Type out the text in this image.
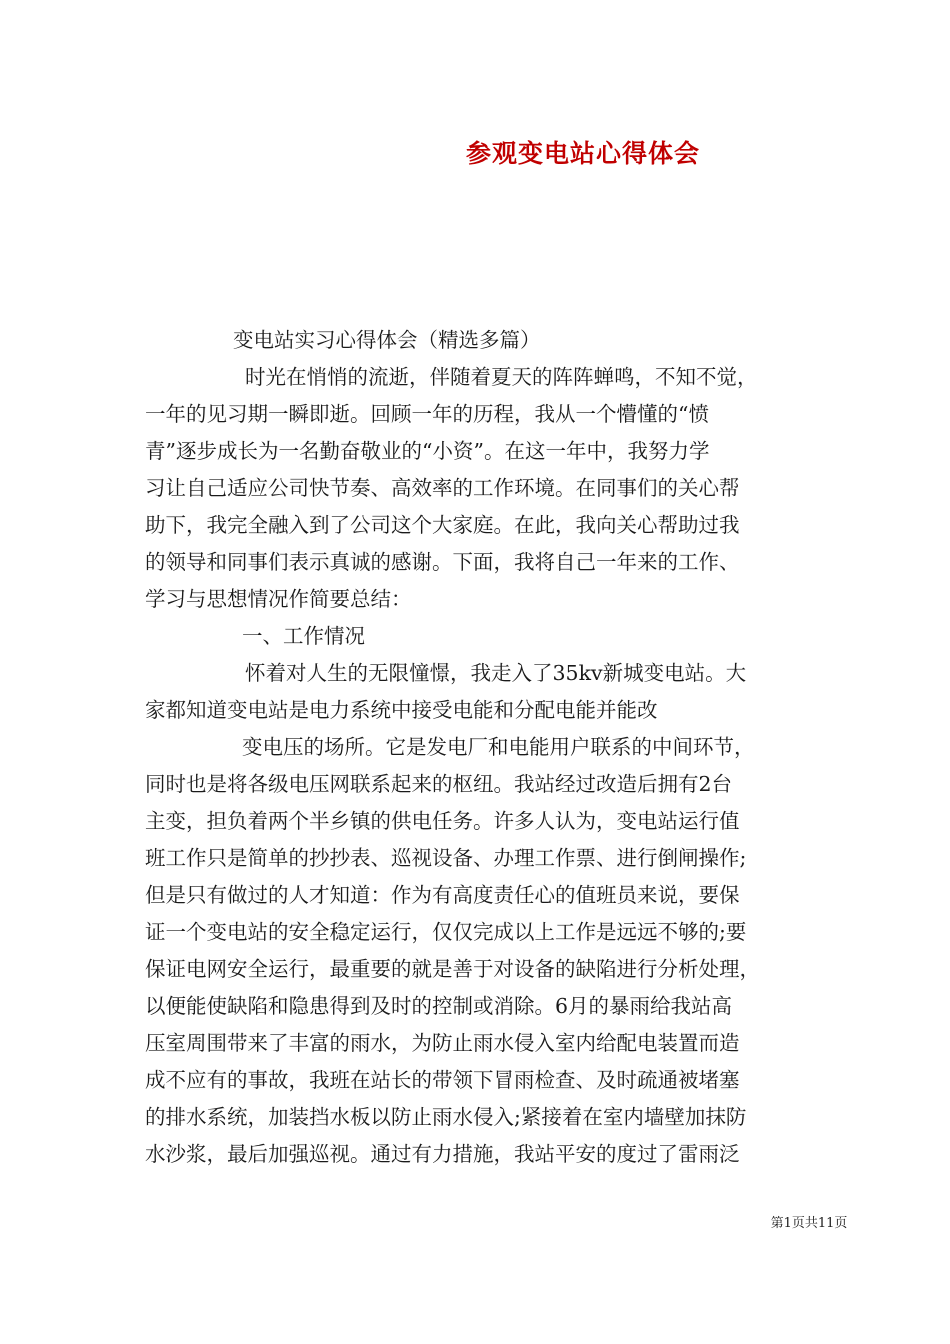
参观变电站心得体会
变电站实习心得体会（精选多篇）
时光在悄悄的流逝，伴随着夏天的阵阵蝉鸣，不知不觉，
一年的见习期一瞬即逝。回顾一年的历程，我从一个懵懂的“愤
青”逐步成长为一名勤奋敬业的“小资”。在这一年中，我努力学
习让自己适应公司快节奏、高效率的工作环境。在同事们的关心帮
助下，我完全融入到了公司这个大家庭。在此，我向关心帮助过我
的领导和同事们表示真诚的感谢。下面，我将自己一年来的工作、
学习与思想情况作简要总结：
一、工作情况
怀着对人生的无限憧憬，我走入了35kv新城变电站。大
家都知道变电站是电力系统中接受电能和分配电能并能改
变电压的场所。它是发电厂和电能用户联系的中间环节，
同时也是将各级电压网联系起来的枢纽。我站经过改造后拥有2台
主变，担负着两个半乡镇的供电任务。许多人认为，变电站运行值
班工作只是简单的抄抄表、巡视设备、办理工作票、进行倒闸操作;
但是只有做过的人才知道：作为有高度责任心的值班员来说，要保
证一个变电站的安全稳定运行，仅仅完成以上工作是远远不够的;要
保证电网安全运行，最重要的就是善于对设备的缺陷进行分析处理，
以便能使缺陷和隐患得到及时的控制或消除。6月的暴雨给我站高
压室周围带来了丰富的雨水，为防止雨水侵入室内给配电装置而造
成不应有的事故，我班在站长的带领下冒雨检查、及时疏通被堵塞
的排水系统，加装挡水板以防止雨水侵入;紧接着在室内墙壁加抹防
水沙浆，最后加强巡视。通过有力措施，我站平安的度过了雷雨泛
第1页共11页
